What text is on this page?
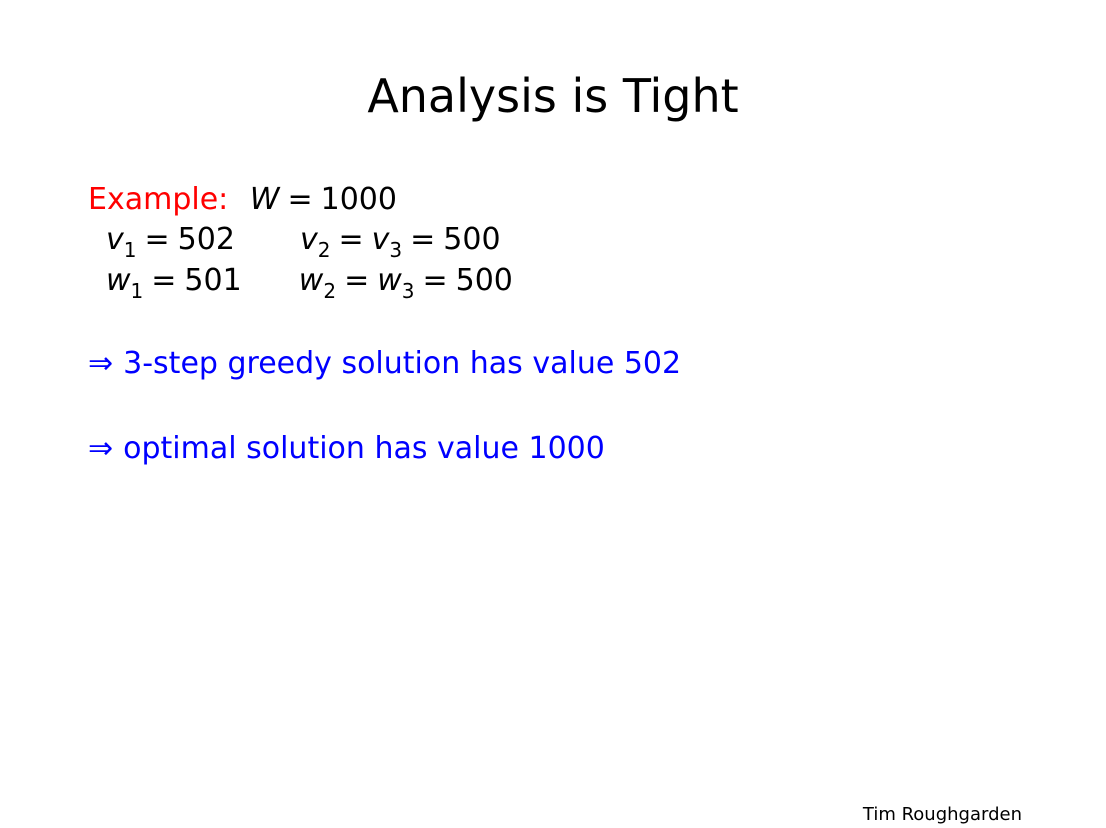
Analysis is Tight
Example: W = 1000
$v_1 = 502$ $v_2 = v_3 = 500$
$w_1 = 501$ $w_2 = w_3 = 500$
⇒ 3-step greedy solution has value 502
⇒ optimal solution has value 1000
Tim Roughgarden
